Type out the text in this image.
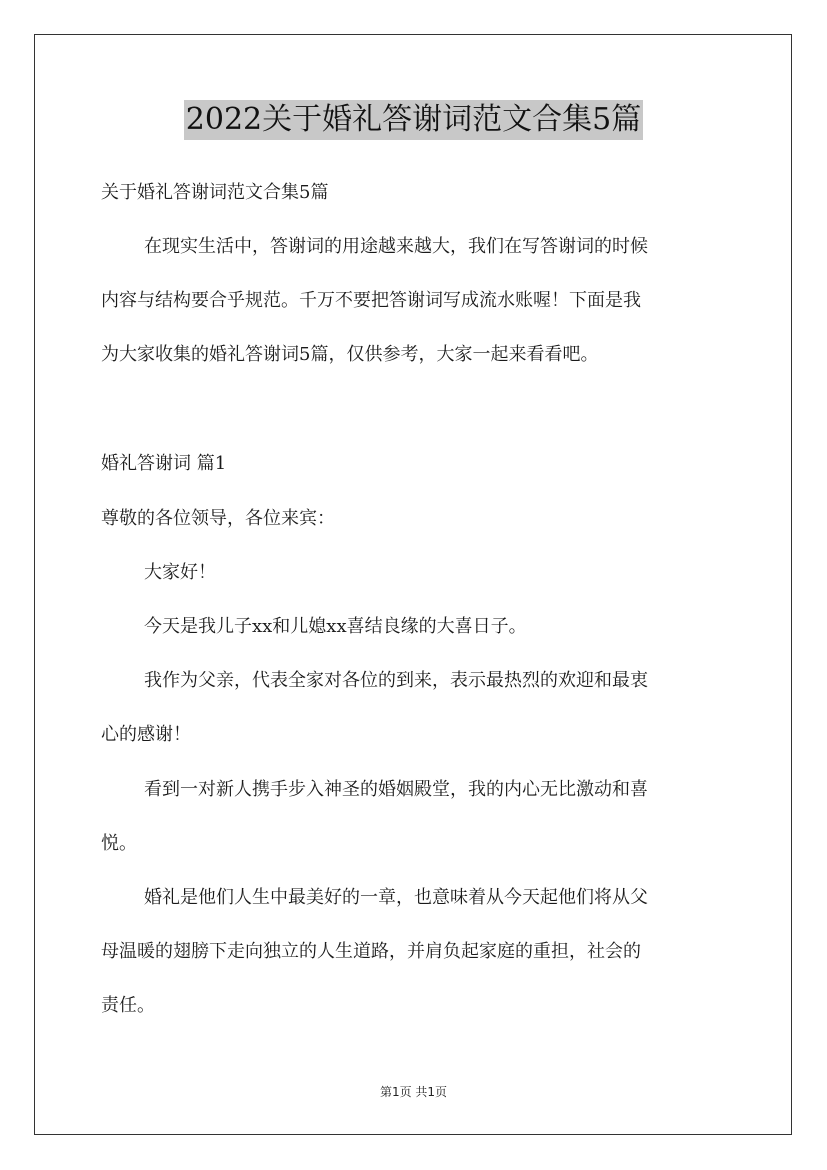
2022关于婚礼答谢词范文合集5篇
关于婚礼答谢词范文合集5篇
在现实生活中，答谢词的用途越来越大，我们在写答谢词的时候
内容与结构要合乎规范。千万不要把答谢词写成流水账喔！下面是我
为大家收集的婚礼答谢词5篇，仅供参考，大家一起来看看吧。
婚礼答谢词 篇1
尊敬的各位领导，各位来宾：
大家好！
今天是我儿子xx和儿媳xx喜结良缘的大喜日子。
我作为父亲，代表全家对各位的到来，表示最热烈的欢迎和最衷
心的感谢！
看到一对新人携手步入神圣的婚姻殿堂，我的内心无比激动和喜
悦。
婚礼是他们人生中最美好的一章，也意味着从今天起他们将从父
母温暖的翅膀下走向独立的人生道路，并肩负起家庭的重担，社会的
责任。
第1页 共1页
